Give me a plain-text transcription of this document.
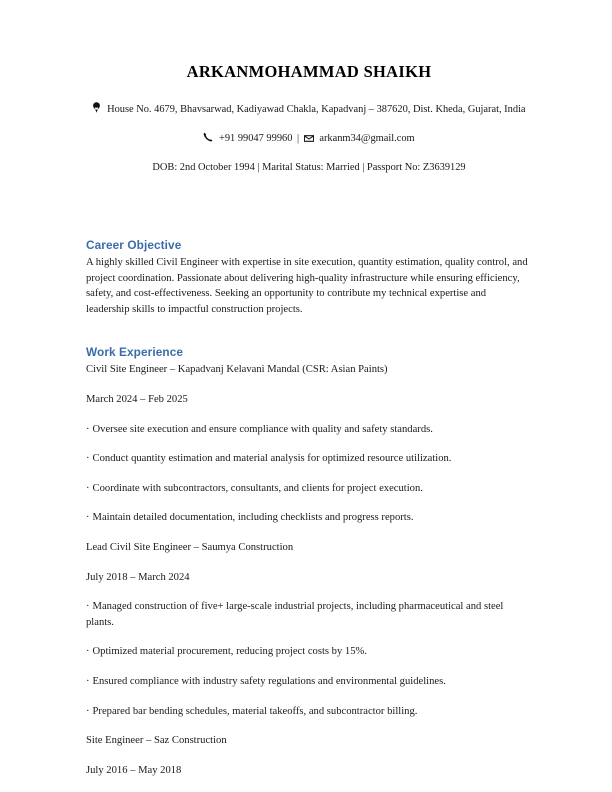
ARKANMOHAMMAD SHAIKH

House No. 4679, Bhavsarwad, Kadiyawad Chakla, Kapadvanj – 387620, Dist. Kheda, Gujarat, India

+91 99047 99960 | arkanm34@gmail.com

DOB: 2nd October 1994 | Marital Status: Married | Passport No: Z3639129

Career Objective

A highly skilled Civil Engineer with expertise in site execution, quantity estimation, quality control, and project coordination. Passionate about delivering high-quality infrastructure while ensuring efficiency, safety, and cost-effectiveness. Seeking an opportunity to contribute my technical expertise and leadership skills to impactful construction projects.

Work Experience

Civil Site Engineer – Kapadvanj Kelavani Mandal (CSR: Asian Paints)

March 2024 – Feb 2025

· Oversee site execution and ensure compliance with quality and safety standards.

· Conduct quantity estimation and material analysis for optimized resource utilization.

· Coordinate with subcontractors, consultants, and clients for project execution.

· Maintain detailed documentation, including checklists and progress reports.

Lead Civil Site Engineer – Saumya Construction

July 2018 – March 2024

· Managed construction of five+ large-scale industrial projects, including pharmaceutical and steel plants.

· Optimized material procurement, reducing project costs by 15%.

· Ensured compliance with industry safety regulations and environmental guidelines.

· Prepared bar bending schedules, material takeoffs, and subcontractor billing.

Site Engineer – Saz Construction

July 2016 – May 2018
